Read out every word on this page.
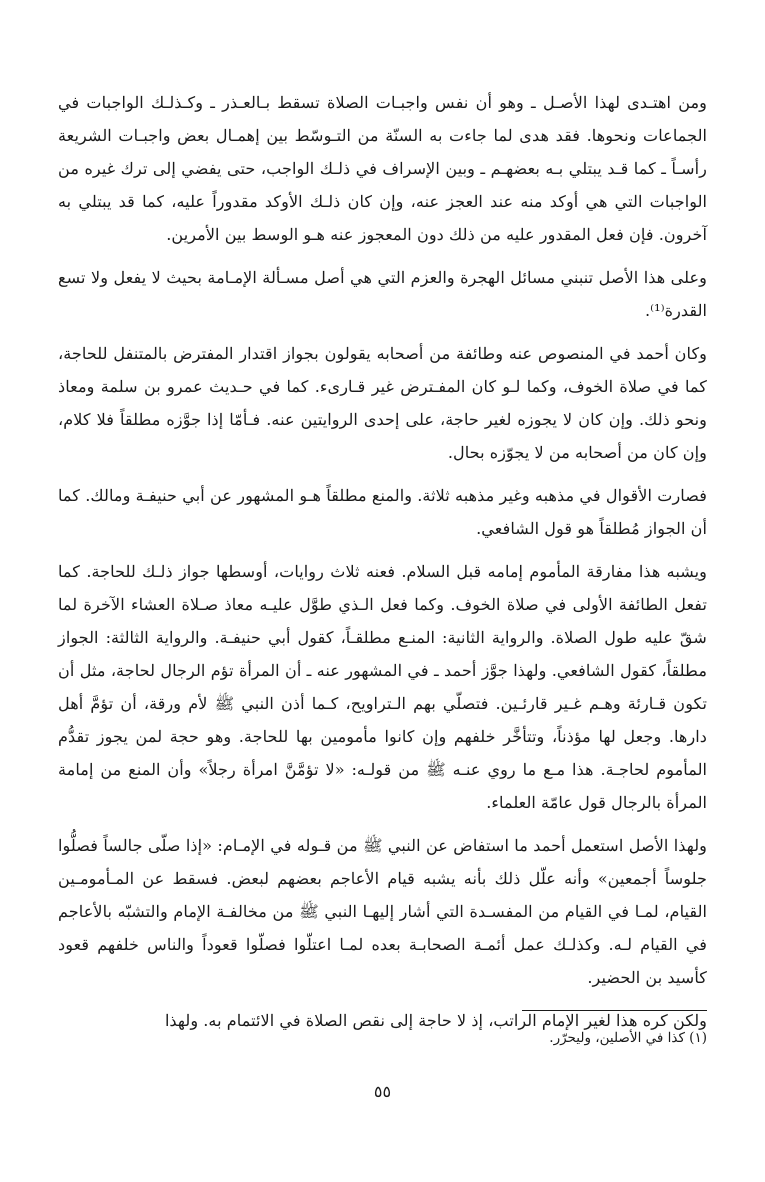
ومن اهتـدى لهذا الأصـل ـ وهو أن نفس واجبـات الصلاة تسقط بـالعـذر ـ وكـذلـك الواجبات في الجماعات ونحوها. فقد هدى لما جاءت به السنّة من التـوسّط بين إهمـال بعض واجبـات الشريعة رأسـاً ـ كما قـد يبتلي بـه بعضهـم ـ وبين الإسراف في ذلـك الواجب، حتى يفضي إلى ترك غيره من الواجبات التي هي أوكد منه عند العجز عنه، وإن كان ذلـك الأوكد مقدوراً عليه، كما قد يبتلي به آخرون. فإن فعل المقدور عليه من ذلك دون المعجوز عنه هـو الوسط بين الأمرين.

وعلى هذا الأصل تنبني مسائل الهجرة والعزم التي هي أصل مسـألة الإمـامة بحيث لا يفعل ولا تسع القدرة⁽¹⁾.

وكان أحمد في المنصوص عنه وطائفة من أصحابه يقولون بجواز اقتدار المفترض بالمتنفل للحاجة، كما في صلاة الخوف، وكما لـو كان المفـترض غير قـارىء. كما في حـديث عمرو بن سلمة ومعاذ ونحو ذلك. وإن كان لا يجوزه لغير حاجة، على إحدى الروايتين عنه. فـأمّا إذا جوَّزه مطلقاً فلا كلام، وإن كان من أصحابه من لا يجوّزه بحال.

فصارت الأقوال في مذهبه وغير مذهبه ثلاثة. والمنع مطلقاً هـو المشهور عن أبي حنيفـة ومالك. كما أن الجواز مُطلقاً هو قول الشافعي.

ويشبه هذا مفارقة المأموم إمامه قبل السلام. فعنه ثلاث روايات، أوسطها جواز ذلـك للحاجة. كما تفعل الطائفة الأولى في صلاة الخوف. وكما فعل الـذي طوَّل عليـه معاذ صـلاة العشاء الآخرة لما شقّ عليه طول الصلاة. والرواية الثانية: المنـع مطلقـاً، كقول أبي حنيفـة. والرواية الثالثة: الجواز مطلقاً، كقول الشافعي. ولهذا جوَّز أحمد ـ في المشهور عنه ـ أن المرأة تؤم الرجال لحاجة، مثل أن تكون قـارئة وهـم غـير قارئـين. فتصلّي بهم الـتراويح، كـما أذن النبي ﷺ لأم ورقة، أن تؤمَّ أهل دارها. وجعل لها مؤذناً، وتتأخَّر خلفهم وإن كانوا مأمومين بها للحاجة. وهو حجة لمن يجوز تقدُّم المأموم لحاجـة. هذا مـع ما روي عنـه ﷺ من قولـه: «لا تؤمَّنَّ امرأة رجلاً» وأن المنع من إمامة المرأة بالرجال قول عامّة العلماء.

ولهذا الأصل استعمل أحمد ما استفاض عن النبي ﷺ من قـوله في الإمـام: «إذا صلّى جالساً فصلُّوا جلوساً أجمعين» وأنه علّل ذلك بأنه يشبه قيام الأعاجم بعضهم لبعض. فسقط عن المـأمومـين القيام، لمـا في القيام من المفسـدة التي أشار إليهـا النبي ﷺ من مخالفـة الإمام والتشبّه بالأعاجم في القيام لـه. وكذلـك عمل أئمـة الصحابـة بعده لمـا اعتلّوا فصلّوا قعوداً والناس خلفهم قعود كأسيد بن الحضير.

ولكن كره هذا لغير الإمام الراتب، إذ لا حاجة إلى نقص الصلاة في الائتمام به. ولهذا

(١) كذا في الأصلين، وليحرّر.
٥٥
